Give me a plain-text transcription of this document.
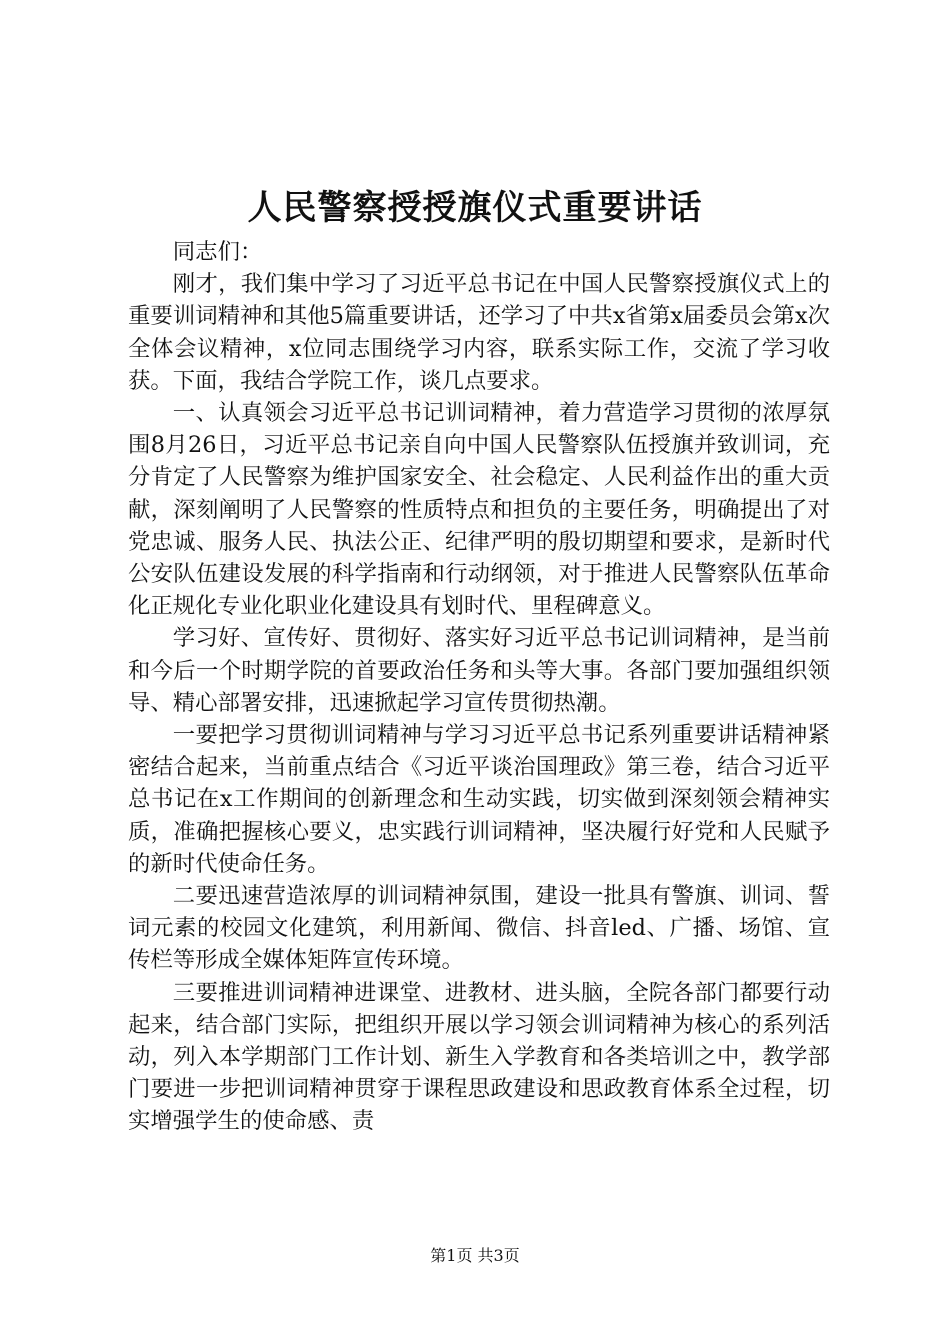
人民警察授授旗仪式重要讲话

同志们：

刚才，我们集中学习了习近平总书记在中国人民警察授旗仪式上的重要训词精神和其他5篇重要讲话，还学习了中共x省第x届委员会第x次全体会议精神，x位同志围绕学习内容，联系实际工作，交流了学习收获。下面，我结合学院工作，谈几点要求。

一、认真领会习近平总书记训词精神，着力营造学习贯彻的浓厚氛围8月26日，习近平总书记亲自向中国人民警察队伍授旗并致训词，充分肯定了人民警察为维护国家安全、社会稳定、人民利益作出的重大贡献，深刻阐明了人民警察的性质特点和担负的主要任务，明确提出了对党忠诚、服务人民、执法公正、纪律严明的殷切期望和要求，是新时代公安队伍建设发展的科学指南和行动纲领，对于推进人民警察队伍革命化正规化专业化职业化建设具有划时代、里程碑意义。

学习好、宣传好、贯彻好、落实好习近平总书记训词精神，是当前和今后一个时期学院的首要政治任务和头等大事。各部门要加强组织领导、精心部署安排，迅速掀起学习宣传贯彻热潮。

一要把学习贯彻训词精神与学习习近平总书记系列重要讲话精神紧密结合起来，当前重点结合《习近平谈治国理政》第三卷，结合习近平总书记在x工作期间的创新理念和生动实践，切实做到深刻领会精神实质，准确把握核心要义，忠实践行训词精神，坚决履行好党和人民赋予的新时代使命任务。

二要迅速营造浓厚的训词精神氛围，建设一批具有警旗、训词、誓词元素的校园文化建筑，利用新闻、微信、抖音led、广播、场馆、宣传栏等形成全媒体矩阵宣传环境。

三要推进训词精神进课堂、进教材、进头脑，全院各部门都要行动起来，结合部门实际，把组织开展以学习领会训词精神为核心的系列活动，列入本学期部门工作计划、新生入学教育和各类培训之中，教学部门要进一步把训词精神贯穿于课程思政建设和思政教育体系全过程，切实增强学生的使命感、责

第1页 共3页
